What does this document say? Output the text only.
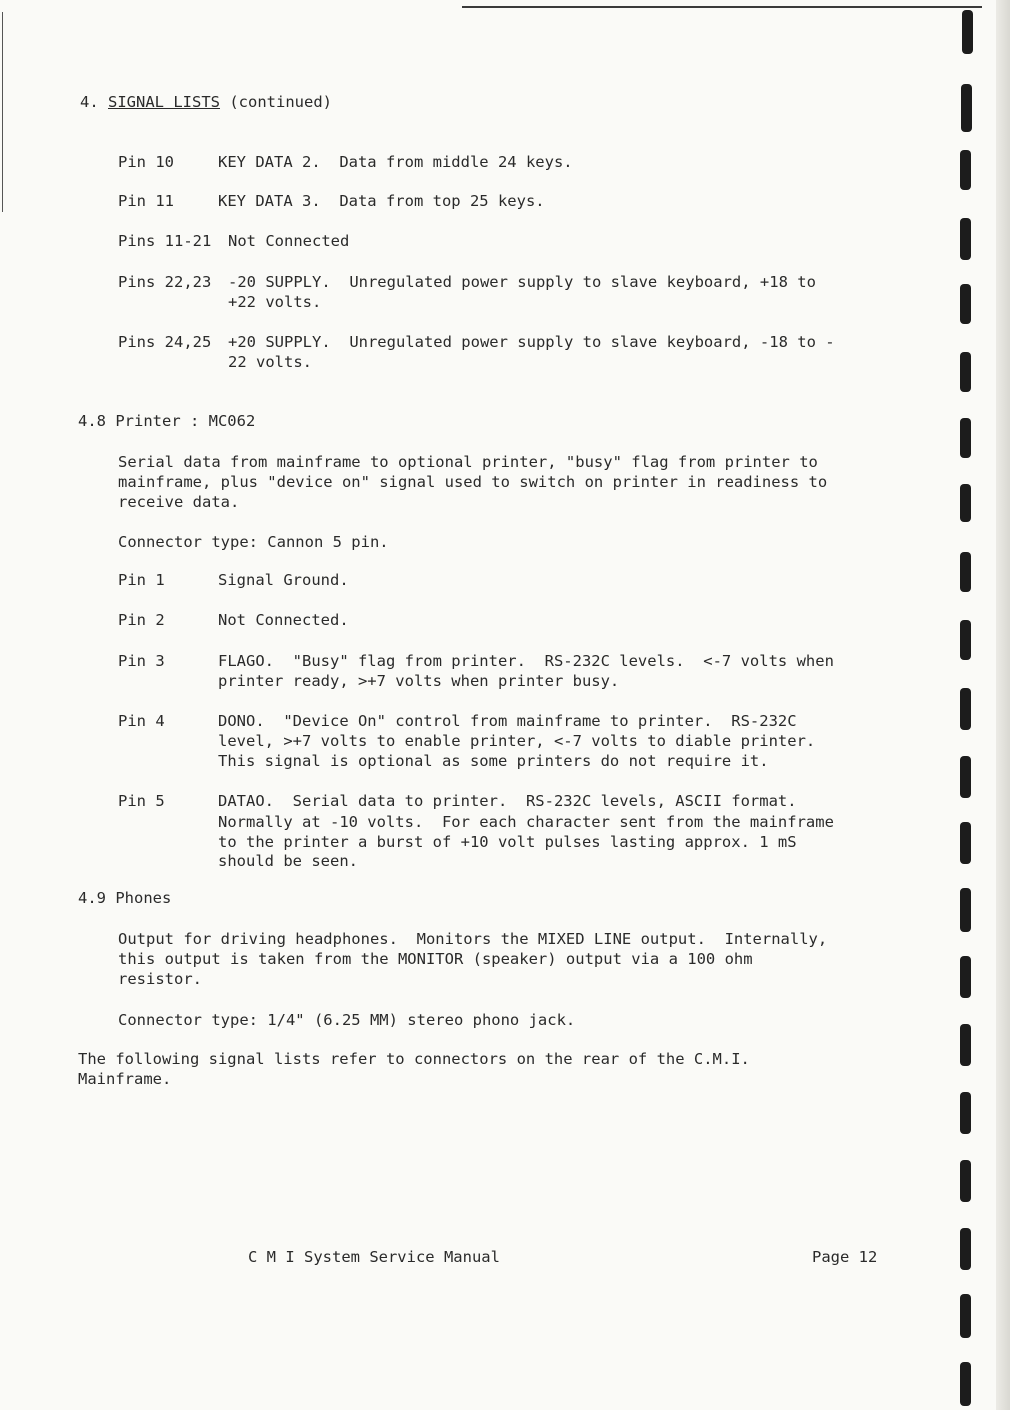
4. SIGNAL LISTS (continued)
Pin 10	KEY DATA 2.  Data from middle 24 keys.
Pin 11	KEY DATA 3.  Data from top 25 keys.
Pins 11-21 Not Connected
Pins 22,23 -20 SUPPLY.  Unregulated power supply to slave keyboard, +18 to
+22 volts.
Pins 24,25 +20 SUPPLY.  Unregulated power supply to slave keyboard, -18 to -
22 volts.
4.8 Printer : MC062
Serial data from mainframe to optional printer, "busy" flag from printer to
mainframe, plus "device on" signal used to switch on printer in readiness to
receive data.
Connector type: Cannon 5 pin.
Pin 1	Signal Ground.
Pin 2	Not Connected.
Pin 3	FLAGO.  "Busy" flag from printer.  RS-232C levels.  <-7 volts when
printer ready, >+7 volts when printer busy.
Pin 4	DONO.  "Device On" control from mainframe to printer.  RS-232C
level, >+7 volts to enable printer, <-7 volts to diable printer.
This signal is optional as some printers do not require it.
Pin 5	DATAO.  Serial data to printer.  RS-232C levels, ASCII format.
Normally at -10 volts.  For each character sent from the mainframe
to the printer a burst of +10 volt pulses lasting approx. 1 mS
should be seen.
4.9 Phones
Output for driving headphones.  Monitors the MIXED LINE output.  Internally,
this output is taken from the MONITOR (speaker) output via a 100 ohm
resistor.
Connector type: 1/4" (6.25 MM) stereo phono jack.
The following signal lists refer to connectors on the rear of the C.M.I.
Mainframe.
C M I System Service Manual	Page 12
